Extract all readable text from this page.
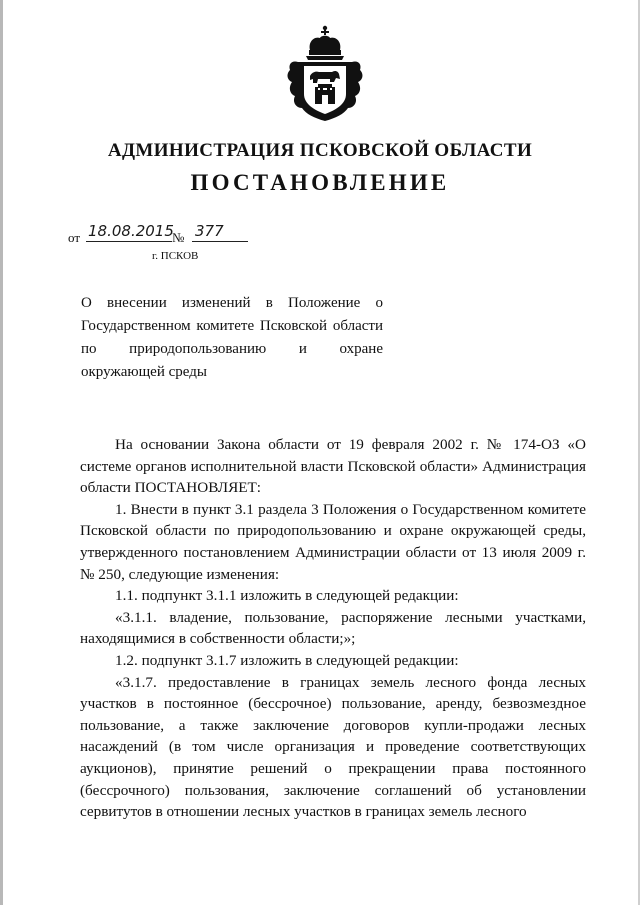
АДМИНИСТРАЦИЯ ПСКОВСКОЙ ОБЛАСТИ
ПОСТАНОВЛЕНИЕ
от 18.08.2015
№ 377
г. ПСКОВ

О внесении изменений в Положение о Государственном комитете Псковской области по природопользованию и охране окружающей среды

На основании Закона области от 19 февраля 2002 г. № 174-ОЗ «О системе органов исполнительной власти Псковской области» Администрация области ПОСТАНОВЛЯЕТ:

1. Внести в пункт 3.1 раздела 3 Положения о Государственном комитете Псковской области по природопользованию и охране окружающей среды, утвержденного постановлением Администрации области от 13 июля 2009 г. № 250, следующие изменения:

1.1. подпункт 3.1.1 изложить в следующей редакции:

«3.1.1. владение, пользование, распоряжение лесными участками, находящимися в собственности области;»;

1.2. подпункт 3.1.7 изложить в следующей редакции:

«3.1.7. предоставление в границах земель лесного фонда лесных участков в постоянное (бессрочное) пользование, аренду, безвозмездное пользование, а также заключение договоров купли-продажи лесных насаждений (в том числе организация и проведение соответствующих аукционов), принятие решений о прекращении права постоянного (бессрочного) пользования, заключение соглашений об установлении сервитутов в отношении лесных участков в границах земель лесного
